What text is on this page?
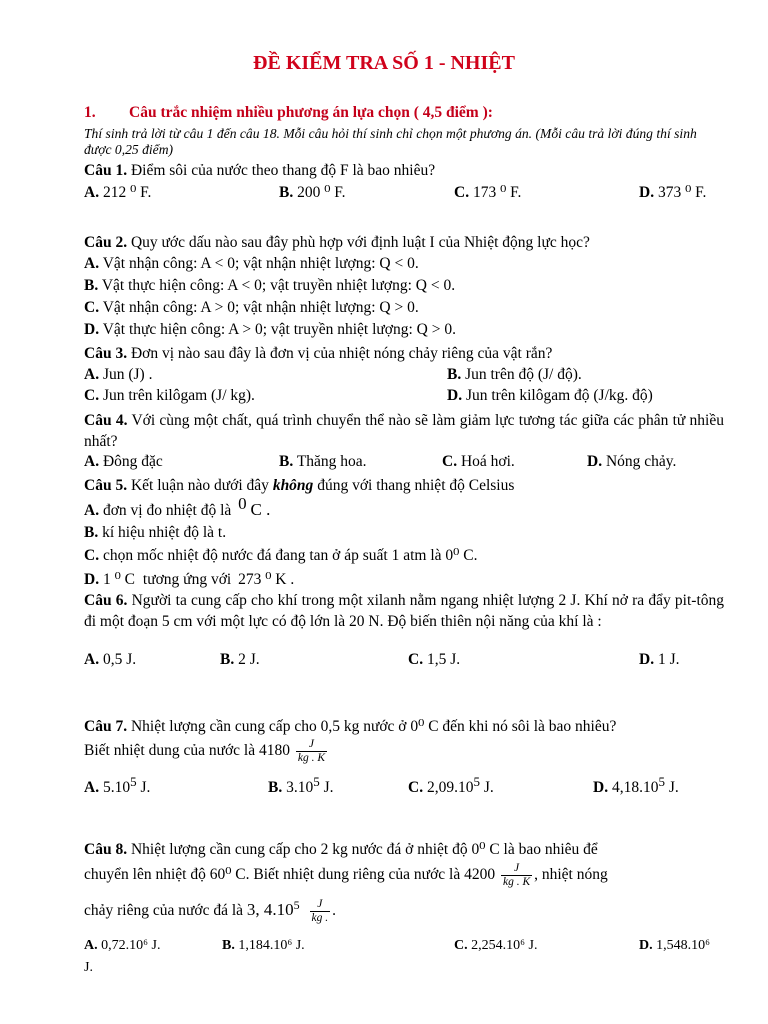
ĐỀ KIỂM TRA SỐ 1 - NHIỆT
1. Câu trắc nhiệm nhiều phương án lựa chọn ( 4,5 điểm ):
Thí sinh trả lời từ câu 1 đến câu 18. Mỗi câu hỏi thí sinh chỉ chọn một phương án. (Mỗi câu trả lời đúng thí sinh được 0,25 điểm)
Câu 1. Điểm sôi của nước theo thang độ F là bao nhiêu?
A. 212 ⁰ F.	B. 200 ⁰ F.	C. 173 ⁰ F.	D. 373 ⁰ F.
Câu 2. Quy ước dấu nào sau đây phù hợp với định luật I của Nhiệt động lực học?
A. Vật nhận công: A < 0; vật nhận nhiệt lượng: Q < 0.
B. Vật thực hiện công: A < 0; vật truyền nhiệt lượng: Q < 0.
C. Vật nhận công: A > 0; vật nhận nhiệt lượng: Q > 0.
D. Vật thực hiện công: A > 0; vật truyền nhiệt lượng: Q > 0.
Câu 3. Đơn vị nào sau đây là đơn vị của nhiệt nóng chảy riêng của vật rắn?
A. Jun (J) .	B. Jun trên độ (J/ độ).
C. Jun trên kilôgam (J/ kg).	D. Jun trên kilôgam độ (J/kg. độ)
Câu 4. Với cùng một chất, quá trình chuyển thể nào sẽ làm giảm lực tương tác giữa các phân tử nhiều nhất?
A. Đông đặc	B. Thăng hoa.	C. Hoá hơi.	D. Nóng chảy.
Câu 5. Kết luận nào dưới đây không đúng với thang nhiệt độ Celsius
A. đơn vị đo nhiệt độ là 0 C .
B. kí hiệu nhiệt độ là t.
C. chọn mốc nhiệt độ nước đá đang tan ở áp suất 1 atm là 0⁰ C.
D. 1 ⁰ C tương ứng với 273 ⁰ K .
Câu 6. Người ta cung cấp cho khí trong một xilanh nằm ngang nhiệt lượng 2 J. Khí nở ra đẩy pit-tông đi một đoạn 5 cm với một lực có độ lớn là 20 N. Độ biến thiên nội năng của khí là :
A. 0,5 J.	B. 2 J.	C. 1,5 J.	D. 1 J.
Câu 7. Nhiệt lượng cần cung cấp cho 0,5 kg nước ở 0⁰ C đến khi nó sôi là bao nhiêu?
Biết nhiệt dung của nước là $4180 \frac{J}{kg . K}$
A. 5.10$^5$ J.	B. 3.10$^5$ J.	C. 2,09.10$^5$ J.	D. 4,18.10$^5$ J.
Câu 8. Nhiệt lượng cần cung cấp cho 2 kg nước đá ở nhiệt độ 0⁰ C là bao nhiêu để
chuyển lên nhiệt độ 60⁰ C. Biết nhiệt dung riêng của nước là $4200 \frac{J}{kg . K}$ , nhiệt nóng
chảy riêng của nước đá là 3, $4.10^5 \frac{J}{kg .}$ .
A. 0,72.10⁶ J.	B. 1,184.10⁶ J.	C. 2,254.10⁶ J.	D. 1,548.10⁶
J.
